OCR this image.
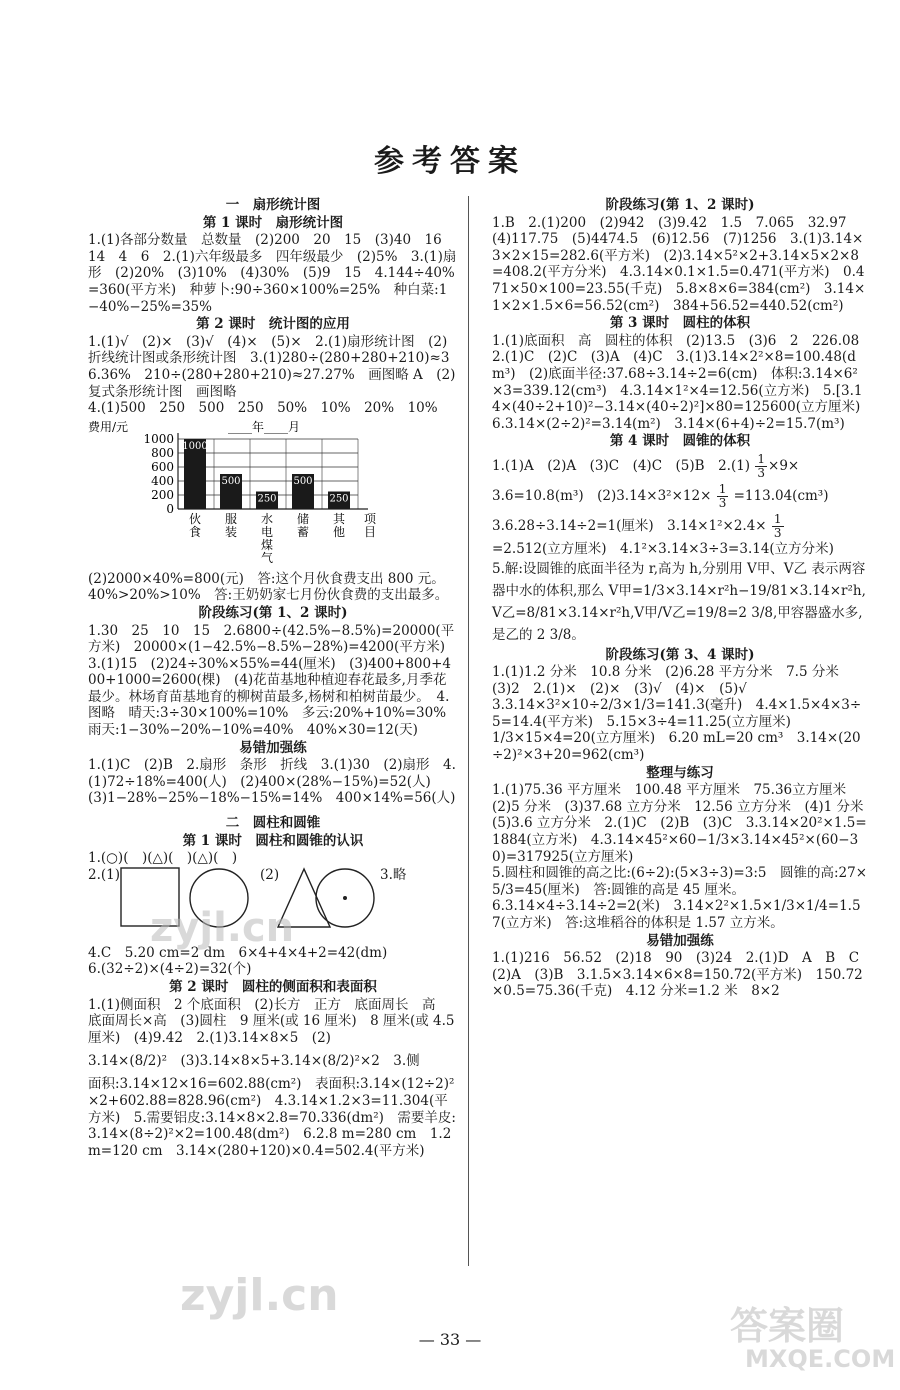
参考答案
一　扇形统计图
第 1 课时　扇形统计图

1.(1)各部分数量　总数量　(2)200　20　15　(3)40　16　14　4　6　2.(1)六年级最多　四年级最少　(2)5%　3.(1)扇形　(2)20%　(3)10%　(4)30%　(5)9　15　4.144÷40%=360(平方米)　种萝卜:90÷360×100%=25%　种白菜:1−40%−25%=35%

第 2 课时　统计图的应用

1.(1)√　(2)×　(3)√　(4)×　(5)×　2.(1)扇形统计图　(2)折线统计图或条形统计图　3.(1)280÷(280+280+210)≈36.36%　210÷(280+280+210)≈27.27%　画图略 A　(2)复式条形统计图　画图略

4.(1)500　250　500　250　50%　10%　20%　10%

费用/元	____年____月
0
200
400
600
800
1000
1000
伙
食
500
服
装
250
水
电
煤
气
500
储
蓄
250
其
他
项
目

(2)2000×40%=800(元)　答:这个月伙食费支出 800 元。　40%>20%>10%　答:王奶奶家七月份伙食费的支出最多。

阶段练习(第 1、2 课时)

1.30　25　10　15　2.6800÷(42.5%−8.5%)=20000(平方米)　20000×(1−42.5%−8.5%−28%)=4200(平方米)　3.(1)15　(2)24÷30%×55%=44(厘米)　(3)400+800+400+1000=2600(棵)　(4)花苗基地种植迎春花最多,月季花最少。林场育苗基地育的柳树苗最多,杨树和柏树苗最少。　4.图略　晴天:3÷30×100%=10%　多云:20%+10%=30%　雨天:1−30%−20%−10%=40%　40%×30=12(天)

易错加强练

1.(1)C　(2)B　2.扇形　条形　折线　3.(1)30　(2)扇形　4.(1)72÷18%=400(人)　(2)400×(28%−15%)=52(人)　(3)1−28%−25%−18%−15%=14%　400×14%=56(人)

二　圆柱和圆锥
第 1 课时　圆柱和圆锥的认识

1.(○)(　)(△)(　)(△)(　)

2.(1)	(2)	3.略

4.C　5.20 cm=2 dm　6×4+4×4+2=42(dm)

6.(32÷2)×(4÷2)=32(个)

第 2 课时　圆柱的侧面积和表面积

1.(1)侧面积　2 个底面积　(2)长方　正方　底面周长　高　底面周长×高　(3)圆柱　9 厘米(或 16 厘米)　8 厘米(或 4.5 厘米)　(4)9.42　2.(1)3.14×8×5　(2)

3.14×(8/2)²　(3)3.14×8×5+3.14×(8/2)²×2　3.侧

面积:3.14×12×16=602.88(cm²)　表面积:3.14×(12÷2)²×2+602.88=828.96(cm²)　4.3.14×1.2×3=11.304(平方米)　5.需要铝皮:3.14×8×2.8=70.336(dm²)　需要羊皮:3.14×(8÷2)²×2=100.48(dm²)　6.2.8 m=280 cm　1.2 m=120 cm　3.14×(280+120)×0.4=502.4(平方米)

阶段练习(第 1、2 课时)

1.B　2.(1)200　(2)942　(3)9.42　1.5　7.065　32.97　(4)117.75　(5)4474.5　(6)12.56　(7)1256　3.(1)3.14×3×2×15=282.6(平方米)　(2)3.14×5²×2+3.14×5×2×8=408.2(平方分米)　4.3.14×0.1×1.5=0.471(平方米)　0.471×50×100=23.55(千克)　5.8×8×6=384(cm²)　3.14×1×2×1.5×6=56.52(cm²)　384+56.52=440.52(cm²)

第 3 课时　圆柱的体积

1.(1)底面积　高　圆柱的体积　(2)13.5　(3)6　2　226.08　2.(1)C　(2)C　(3)A　(4)C　3.(1)3.14×2²×8=100.48(dm³)　(2)底面半径:37.68÷3.14÷2=6(cm)　体积:3.14×6²×3=339.12(cm³)　4.3.14×1²×4=12.56(立方米)　5.[3.14×(40÷2+10)²−3.14×(40÷2)²]×80=125600(立方厘米)　6.3.14×(2÷2)²=3.14(m²)　3.14×(6+4)÷2=15.7(m³)

第 4 课时　圆锥的体积

1.(1)A　(2)A　(3)C　(4)C　(5)B　$2.(1) \frac{1}{3} \times 9\times$

3.6=10.8(m³)　$(2)3.14\times 3^2\times 12\times \frac{1}{3} =113.04(cm^3)$

3.6.28÷3.14÷2=1(厘米)　$3.14\times 1^2\times 2.4\times \frac{1}{3}$

=2.512(立方厘米)　4.1²×3.14×3÷3=3.14(立方分米)

5.解:设圆锥的底面半径为 r,高为 h,分别用 V甲、V乙 表示两容器中水的体积,那么 V甲=1/3×3.14×r²h−19/81×3.14×r²h,V乙=8/81×3.14×r²h,V甲/V乙=19/8=2 3/8,甲容器盛水多,是乙的 2 3/8。

阶段练习(第 3、4 课时)

1.(1)1.2 分米　10.8 分米　(2)6.28 平方分米　7.5 分米　(3)2　2.(1)×　(2)×　(3)√　(4)×　(5)√

3.3.14×3²×10÷2/3×1/3=141.3(毫升)　4.4×1.5×4×3÷5=14.4(平方米)　5.15×3÷4=11.25(立方厘米)

1/3×15×4=20(立方厘米)　6.20 mL=20 cm³　3.14×(20÷2)²×3+20=962(cm³)

整理与练习

1.(1)75.36 平方厘米　100.48 平方厘米　75.36立方厘米　(2)5 分米　(3)37.68 立方分米　12.56 立方分米　(4)1 分米　(5)3.6 立方分米　2.(1)C　(2)B　(3)C　3.3.14×20²×1.5=1884(立方米)　4.3.14×45²×60−1/3×3.14×45²×(60−30)=317925(立方厘米)

5.圆柱和圆锥的高之比:(6÷2):(5×3÷3)=3:5　圆锥的高:27×5/3=45(厘米)　答:圆锥的高是 45 厘米。

6.3.14×4÷3.14÷2=2(米)　3.14×2²×1.5×1/3×1/4=1.57(立方米)　答:这堆稻谷的体积是 1.57 立方米。

易错加强练

1.(1)216　56.52　(2)18　90　(3)24　2.(1)D　A　B　C　(2)A　(3)B　3.1.5×3.14×6×8=150.72(平方米)　150.72×0.5=75.36(千克)　4.12 分米=1.2 米　8×2

— 33 —
zyjl.cn
zyjl.cn
MXQE.COM
答案圈
